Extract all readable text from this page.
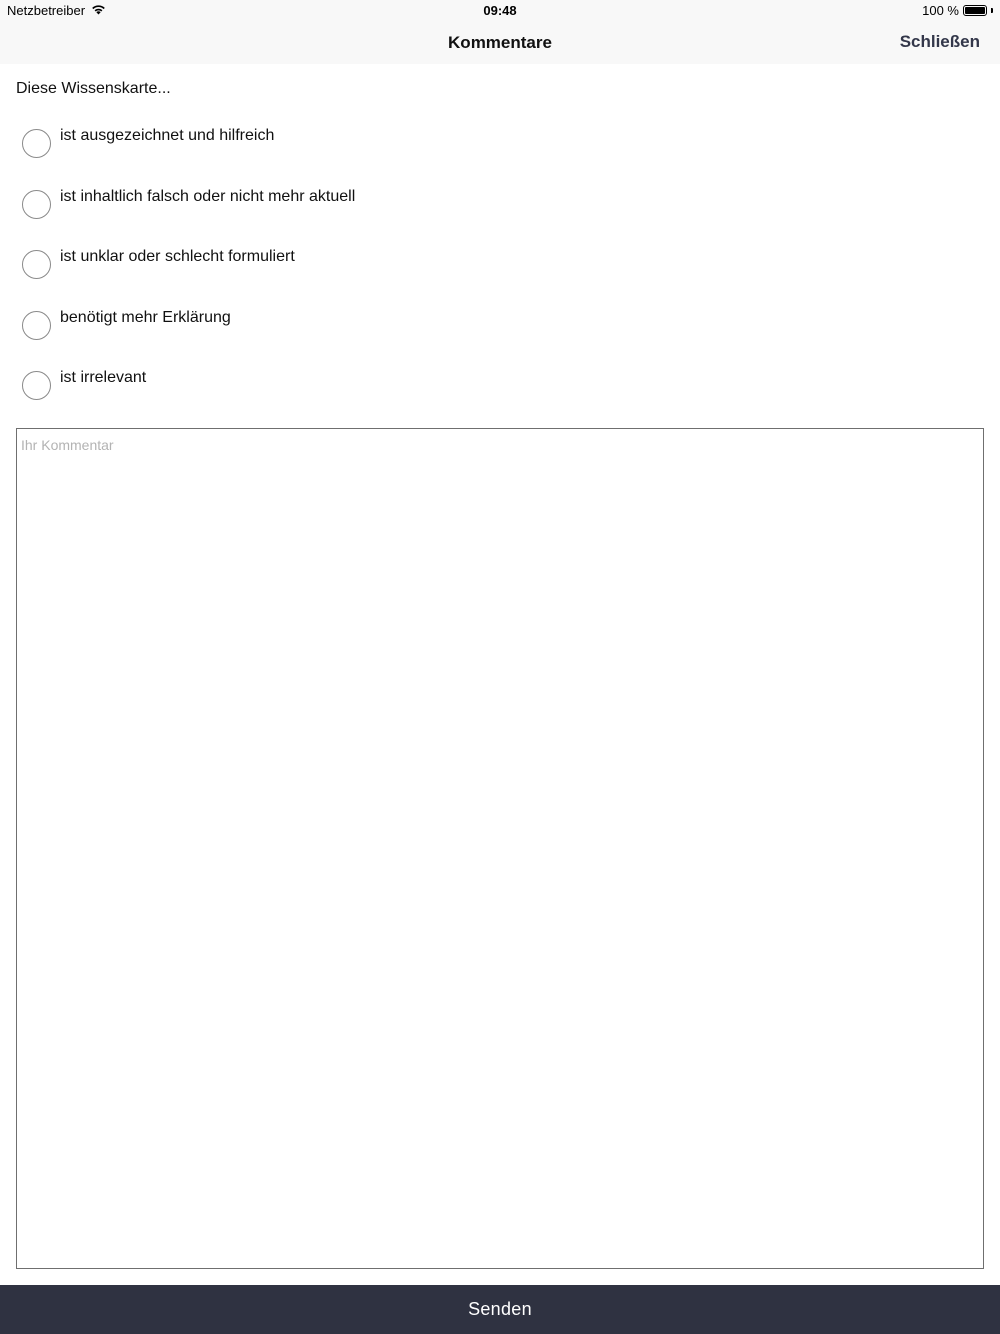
Netzbetreiber	09:48	100 %
Kommentare	Schließen
Diese Wissenskarte...
ist ausgezeichnet und hilfreich
ist inhaltlich falsch oder nicht mehr aktuell
ist unklar oder schlecht formuliert
benötigt mehr Erklärung
ist irrelevant
Ihr Kommentar
Senden
